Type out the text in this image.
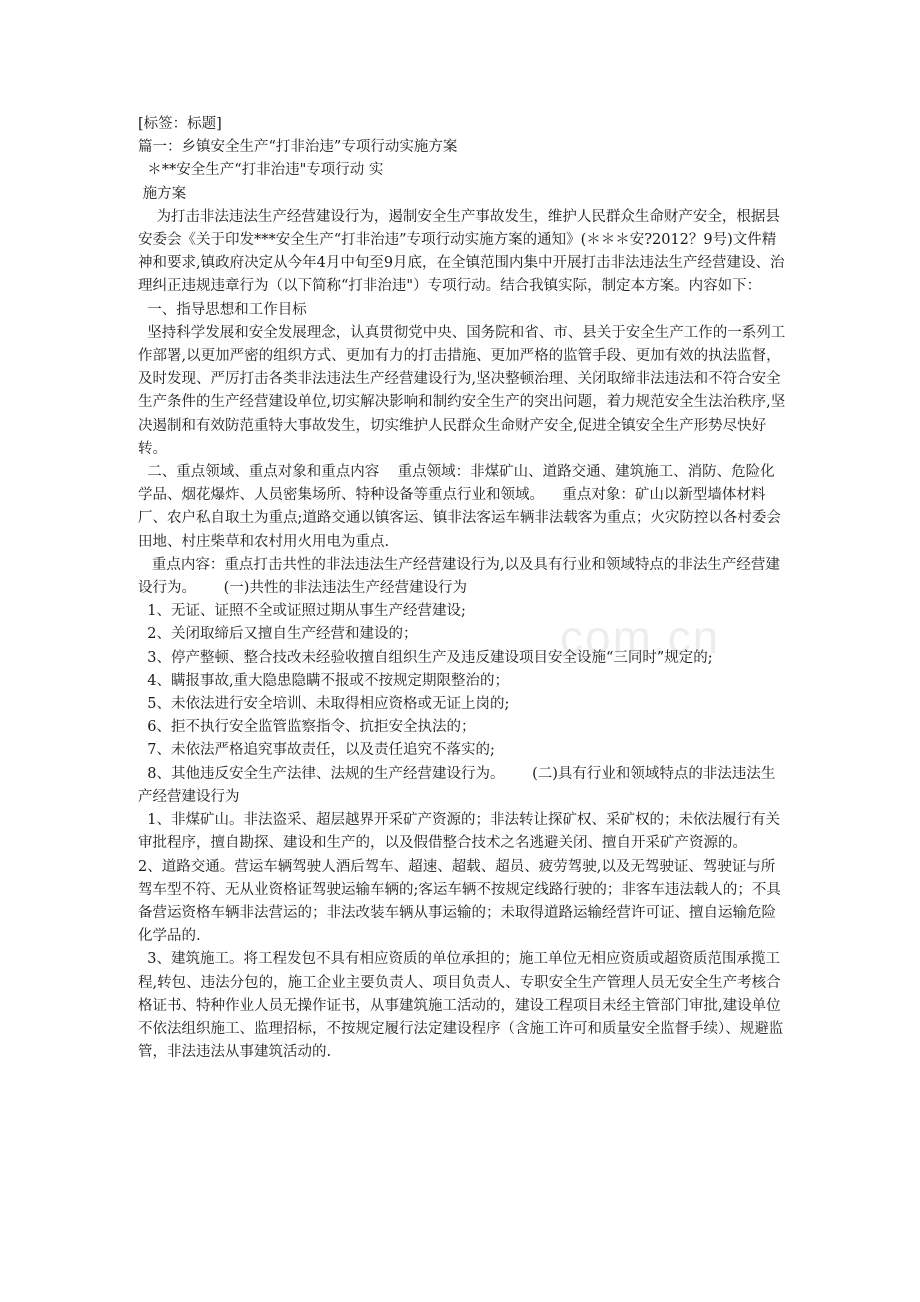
[标签：标题]

篇一：乡镇安全生产“打非治违”专项行动实施方案

＊**安全生产“打非治违"专项行动 实

施方案

为打击非法违法生产经营建设行为，遏制安全生产事故发生，维护人民群众生命财产安全，根据县安委会《关于印发***安全生产“打非治违”专项行动实施方案的通知》(＊＊＊安?2012？9号)文件精神和要求,镇政府决定从今年4月中旬至9月底，在全镇范围内集中开展打击非法违法生产经营建设、治理纠正违规违章行为（以下简称“打非治违"）专项行动。结合我镇实际，制定本方案。内容如下：

一、指导思想和工作目标

坚持科学发展和安全发展理念，认真贯彻党中央、国务院和省、市、县关于安全生产工作的一系列工作部署,以更加严密的组织方式、更加有力的打击措施、更加严格的监管手段、更加有效的执法监督，及时发现、严厉打击各类非法违法生产经营建设行为,坚决整顿治理、关闭取缔非法违法和不符合安全生产条件的生产经营建设单位,切实解决影响和制约安全生产的突出问题，着力规范安全生法治秩序,坚决遏制和有效防范重特大事故发生，切实维护人民群众生命财产安全,促进全镇安全生产形势尽快好转。

二、重点领域、重点对象和重点内容    重点领域：非煤矿山、道路交通、建筑施工、消防、危险化

学品、烟花爆炸、人员密集场所、特种设备等重点行业和领域。    重点对象：矿山以新型墙体材料厂、农户私自取土为重点;道路交通以镇客运、镇非法客运车辆非法载客为重点；火灾防控以各村委会田地、村庄柴草和农村用火用电为重点.

重点内容：重点打击共性的非法违法生产经营建设行为,以及具有行业和领域特点的非法生产经营建设行为。      (一)共性的非法违法生产经营建设行为

1、无证、证照不全或证照过期从事生产经营建设;

2、关闭取缔后又擅自生产经营和建设的；

3、停产整顿、整合技改未经验收擅自组织生产及违反建设项目安全设施“三同时”规定的;

4、瞒报事故,重大隐患隐瞒不报或不按规定期限整治的；

5、未依法进行安全培训、未取得相应资格或无证上岗的;

6、拒不执行安全监管监察指令、抗拒安全执法的；

7、未依法严格追究事故责任，以及责任追究不落实的;

8、其他违反安全生产法律、法规的生产经营建设行为。      (二)具有行业和领域特点的非法违法生产经营建设行为

1、非煤矿山。非法盗采、超层越界开采矿产资源的；非法转让探矿权、采矿权的；未依法履行有关审批程序，擅自勘探、建设和生产的，以及假借整合技术之名逃避关闭、擅自开采矿产资源的。

2、道路交通。营运车辆驾驶人酒后驾车、超速、超载、超员、疲劳驾驶,以及无驾驶证、驾驶证与所驾车型不符、无从业资格证驾驶运输车辆的;客运车辆不按规定线路行驶的；非客车违法载人的；不具备营运资格车辆非法营运的；非法改装车辆从事运输的；未取得道路运输经营许可证、擅自运输危险化学品的.

3、建筑施工。将工程发包不具有相应资质的单位承担的；施工单位无相应资质或超资质范围承揽工程,转包、违法分包的，施工企业主要负责人、项目负责人、专职安全生产管理人员无安全生产考核合格证书、特种作业人员无操作证书，从事建筑施工活动的，建设工程项目未经主管部门审批,建设单位不依法组织施工、监理招标，不按规定履行法定建设程序（含施工许可和质量安全监督手续）、规避监管，非法违法从事建筑活动的.

com.cn
